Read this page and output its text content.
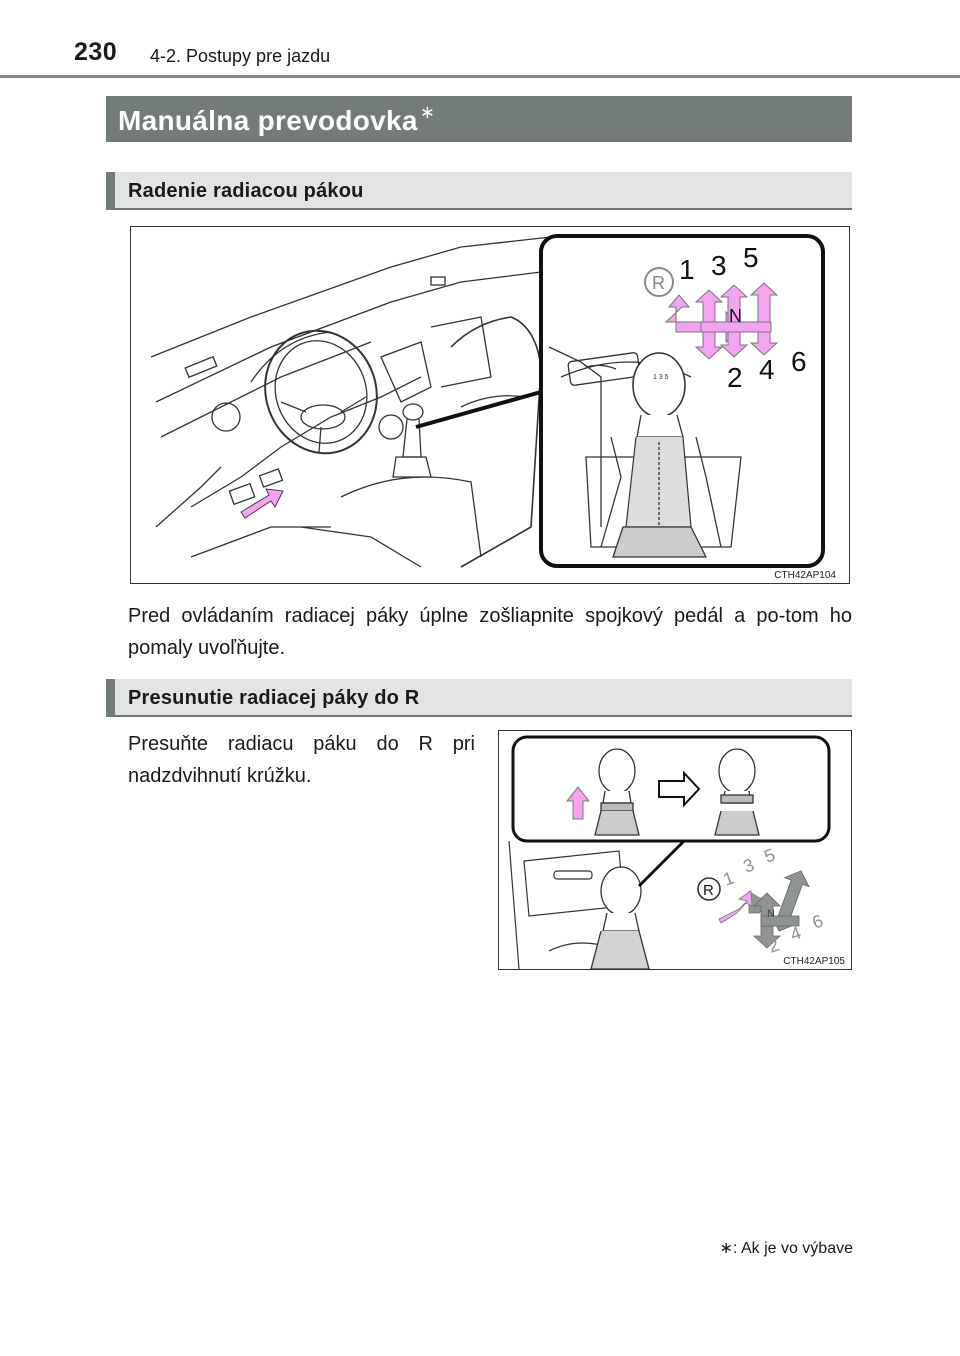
230 4-2. Postupy pre jazdu
Manuálna prevodovka ∗
Radenie radiacou pákou
1 3 5
R 1 3 5
N
2 4 6
CTH42AP104
Pred ovládaním radiacej páky úplne zošliapnite spojkový pedál a po-tom ho pomaly uvoľňujte.
Presunutie radiacej páky do R
Presuňte radiacu páku do R pri nadzdvihnutí krúžku.
R
1
3 5
N
2
4
6
CTH42AP105
∗: Ak je vo výbave
